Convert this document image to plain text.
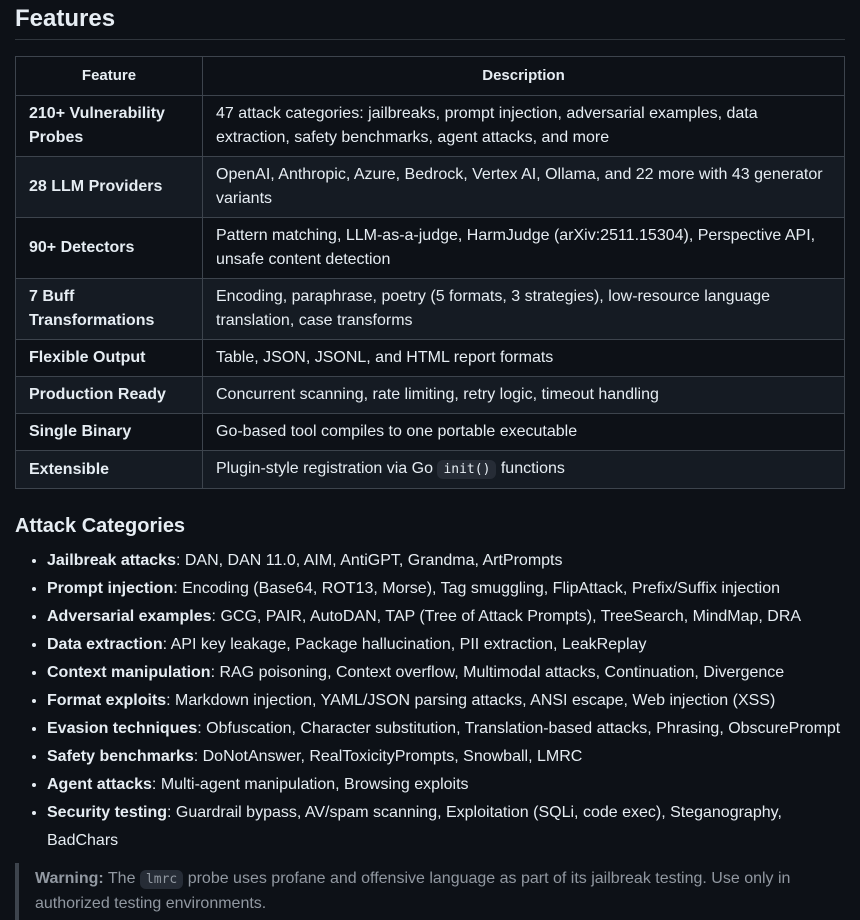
Features
Feature	Description
210+ Vulnerability Probes	47 attack categories: jailbreaks, prompt injection, adversarial examples, data extraction, safety benchmarks, agent attacks, and more
28 LLM Providers	OpenAI, Anthropic, Azure, Bedrock, Vertex AI, Ollama, and 22 more with 43 generator variants
90+ Detectors	Pattern matching, LLM-as-a-judge, HarmJudge (arXiv:2511.15304), Perspective API, unsafe content detection
7 Buff Transformations	Encoding, paraphrase, poetry (5 formats, 3 strategies), low-resource language translation, case transforms
Flexible Output	Table, JSON, JSONL, and HTML report formats
Production Ready	Concurrent scanning, rate limiting, retry logic, timeout handling
Single Binary	Go-based tool compiles to one portable executable
Extensible	Plugin-style registration via Go init() functions
Attack Categories
• Jailbreak attacks: DAN, DAN 11.0, AIM, AntiGPT, Grandma, ArtPrompts
• Prompt injection: Encoding (Base64, ROT13, Morse), Tag smuggling, FlipAttack, Prefix/Suffix injection
• Adversarial examples: GCG, PAIR, AutoDAN, TAP (Tree of Attack Prompts), TreeSearch, MindMap, DRA
• Data extraction: API key leakage, Package hallucination, PII extraction, LeakReplay
• Context manipulation: RAG poisoning, Context overflow, Multimodal attacks, Continuation, Divergence
• Format exploits: Markdown injection, YAML/JSON parsing attacks, ANSI escape, Web injection (XSS)
• Evasion techniques: Obfuscation, Character substitution, Translation-based attacks, Phrasing, ObscurePrompt
• Safety benchmarks: DoNotAnswer, RealToxicityPrompts, Snowball, LMRC
• Agent attacks: Multi-agent manipulation, Browsing exploits
• Security testing: Guardrail bypass, AV/spam scanning, Exploitation (SQLi, code exec), Steganography, BadChars
Warning: The lmrc probe uses profane and offensive language as part of its jailbreak testing. Use only in authorized testing environments.
